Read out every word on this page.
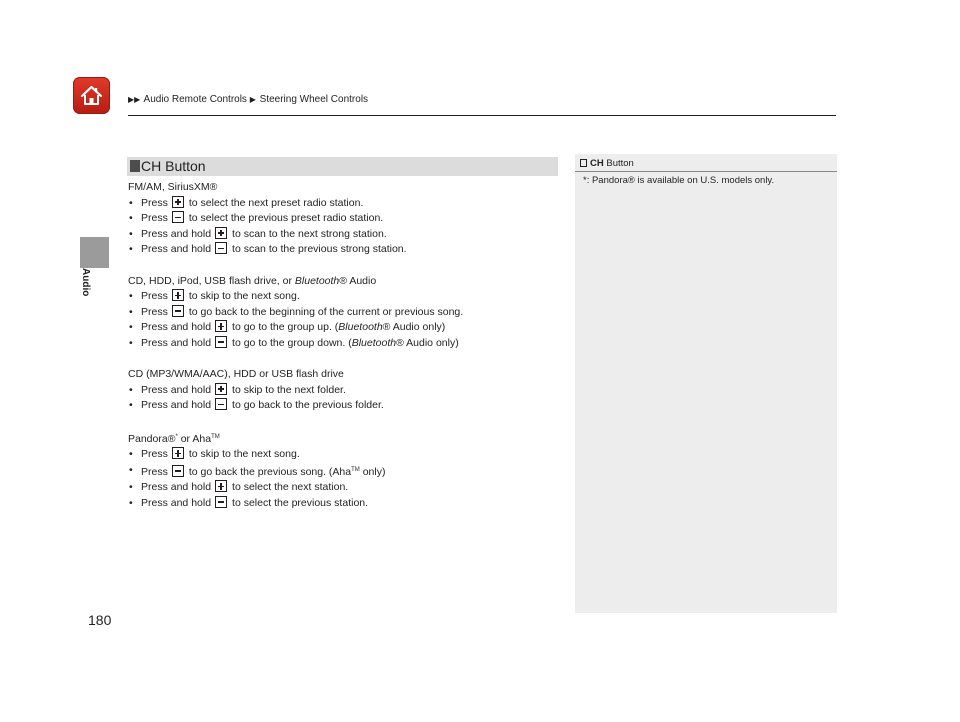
▶▶ Audio Remote Controls ▶ Steering Wheel Controls
Audio
180
CH Button
FM/AM, SiriusXM®
• Press to select the next preset radio station.
• Press to select the previous preset radio station.
• Press and hold to scan to the next strong station.
• Press and hold to scan to the previous strong station.
CD, HDD, iPod, USB flash drive, or Bluetooth® Audio
• Press to skip to the next song.
• Press to go back to the beginning of the current or previous song.
• Press and hold to go to the group up. (Bluetooth® Audio only)
• Press and hold to go to the group down. (Bluetooth® Audio only)
CD (MP3/WMA/AAC), HDD or USB flash drive
• Press and hold to skip to the next folder.
• Press and hold to go back to the previous folder.
Pandora®* or Aha™
• Press to skip to the next song.
• Press to go back the previous song. (Aha™ only)
• Press and hold to select the next station.
• Press and hold to select the previous station.
CH Button
*: Pandora® is available on U.S. models only.
